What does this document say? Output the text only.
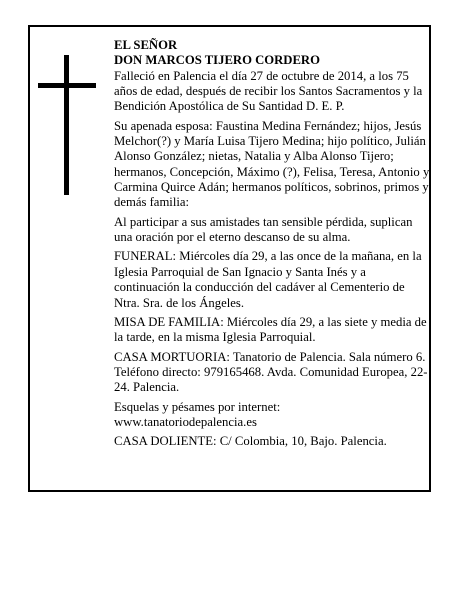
EL SEÑOR
DON MARCOS TIJERO CORDERO

Falleció en Palencia el día 27 de octubre de 2014, a los 75 años de edad, después de recibir los Santos Sacramentos y la Bendición Apostólica de Su Santidad D. E. P.

Su apenada esposa: Faustina Medina Fernández; hijos, Jesús Melchor(?) y María Luisa Tijero Medina; hijo político, Julián Alonso González; nietas, Natalia y Alba Alonso Tijero; hermanos, Concepción, Máximo (?), Felisa, Teresa, Antonio y Carmina Quirce Adán; hermanos políticos, sobrinos, primos y demás familia:

Al participar a sus amistades tan sensible pérdida, suplican una oración por el eterno descanso de su alma.

FUNERAL: Miércoles día 29, a las once de la mañana, en la Iglesia Parroquial de San Ignacio y Santa Inés y a continuación la conducción del cadáver al Cementerio de Ntra. Sra. de los Ángeles.

MISA DE FAMILIA: Miércoles día 29, a las siete y media de la tarde, en la misma Iglesia Parroquial.

CASA MORTUORIA: Tanatorio de Palencia. Sala número 6. Teléfono directo: 979165468. Avda. Comunidad Europea, 22-24. Palencia.

Esquelas y pésames por internet:

www.tanatoriodepalencia.es

CASA DOLIENTE: C/ Colombia, 10, Bajo. Palencia.
